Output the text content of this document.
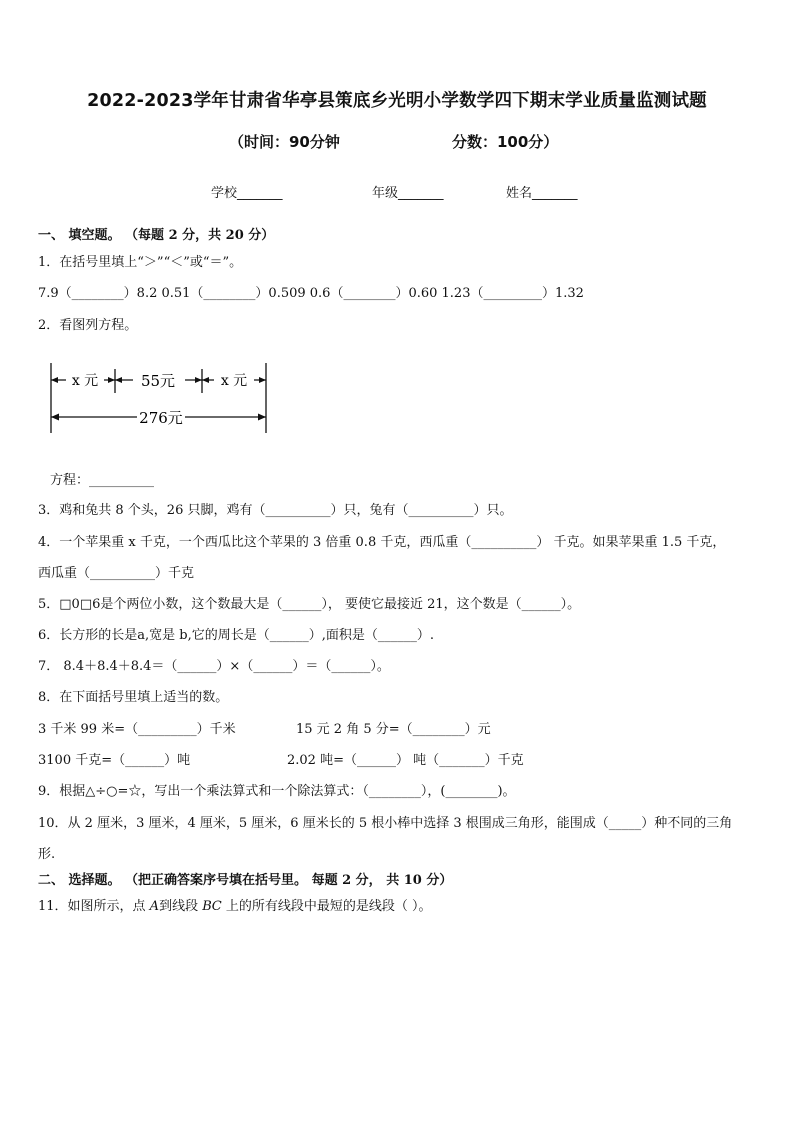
2022-2023学年甘肃省华亭县策底乡光明小学数学四下期末学业质量监测试题
（时间：90分钟	分数：100分）
学校_______	年级_______	姓名_______
一、 填空题。 （每题 2 分，共 20 分）
1．在括号里填上“＞”“＜”或“＝”。
7.9（________）8.2 0.51（________）0.509 0.6（________）0.60 1.23（_________）1.32
2．看图列方程。
x 元	55元	x 元
276元
方程：__________
3．鸡和兔共 8 个头，26 只脚，鸡有（__________）只，兔有（__________）只。
4．一个苹果重 x 千克，一个西瓜比这个苹果的 3 倍重 0.8 千克，西瓜重（__________） 千克。如果苹果重 1.5 千克，
西瓜重（__________）千克
5．□0□6是个两位小数，这个数最大是（______）， 要使它最接近 21，这个数是（______）。
6．长方形的长是a,宽是 b,它的周长是（______）,面积是（______）.
7． 8.4＋8.4＋8.4＝（______）×（______）＝（______）。
8．在下面括号里填上适当的数。
3 千米 99 米=（_________）千米	15 元 2 角 5 分=（________）元
3100 千克=（______）吨	2.02 吨=（______） 吨（_______）千克
9．根据△÷○=☆，写出一个乘法算式和一个除法算式：（________），(________)。
10．从 2 厘米，3 厘米，4 厘米，5 厘米，6 厘米长的 5 根小棒中选择 3 根围成三角形，能围成（_____）种不同的三角
形.
二、 选择题。 （把正确答案序号填在括号里。 每题 2 分， 共 10 分）
11．如图所示，点 𝐴到线段 𝐵𝐶 上的所有线段中最短的是线段（ ）。
